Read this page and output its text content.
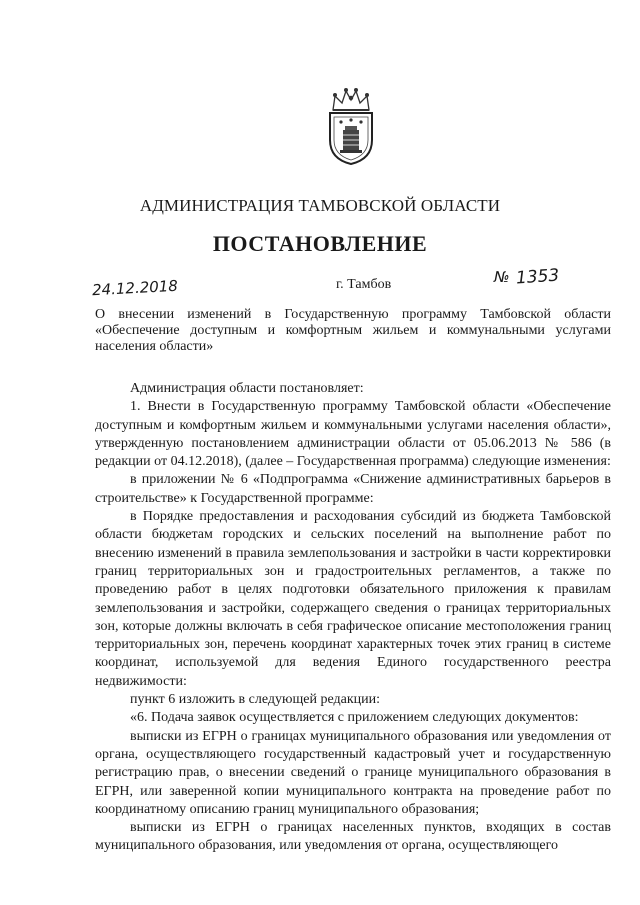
АДМИНИСТРАЦИЯ ТАМБОВСКОЙ ОБЛАСТИ
ПОСТАНОВЛЕНИЕ
24.12.2018	г. Тамбов	№ 1353
О внесении изменений в Государственную программу Тамбовской области «Обеспечение доступным и комфортным жильем и коммунальными услугами населения области»

Администрация области постановляет:

1. Внести в Государственную программу Тамбовской области «Обеспечение доступным и комфортным жильем и коммунальными услугами населения области», утвержденную постановлением администрации области от 05.06.2013 № 586 (в редакции от 04.12.2018), (далее – Государственная программа) следующие изменения:

в приложении № 6 «Подпрограмма «Снижение административных барьеров в строительстве» к Государственной программе:

в Порядке предоставления и расходования субсидий из бюджета Тамбовской области бюджетам городских и сельских поселений на выполнение работ по внесению изменений в правила землепользования и застройки в части корректировки границ территориальных зон и градостроительных регламентов, а также по проведению работ в целях подготовки обязательного приложения к правилам землепользования и застройки, содержащего сведения о границах территориальных зон, которые должны включать в себя графическое описание местоположения границ территориальных зон, перечень координат характерных точек этих границ в системе координат, используемой для ведения Единого государственного реестра недвижимости:

пункт 6 изложить в следующей редакции:

«6. Подача заявок осуществляется с приложением следующих документов:

выписки из ЕГРН о границах муниципального образования или уведомления от органа, осуществляющего государственный кадастровый учет и государственную регистрацию прав, о внесении сведений о границе муниципального образования в ЕГРН, или заверенной копии муниципального контракта на проведение работ по координатному описанию границ муниципального образования;

выписки из ЕГРН о границах населенных пунктов, входящих в состав муниципального образования, или уведомления от органа, осуществляющего
